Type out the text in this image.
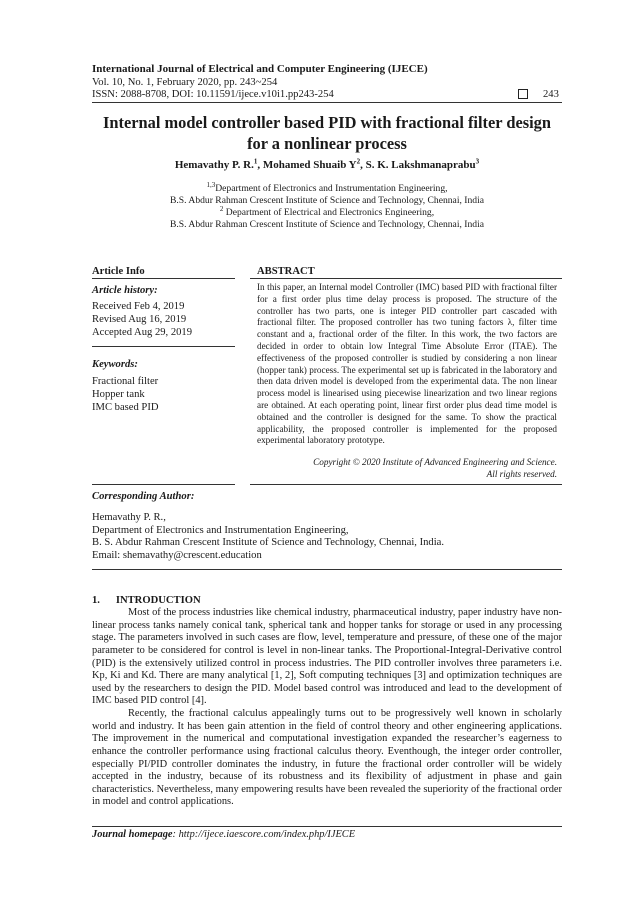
International Journal of Electrical and Computer Engineering (IJECE)
Vol. 10, No. 1, February 2020, pp. 243~254
ISSN: 2088-8708, DOI: 10.11591/ijece.v10i1.pp243-254	243
Internal model controller based PID with fractional filter design
for a nonlinear process
Hemavathy P. R.$^1$, Mohamed Shuaib $Y^2$, S. K. Lakshmanaprabu$^3$
$^{1,3}$Department of Electronics and Instrumentation Engineering,
B.S. Abdur Rahman Crescent Institute of Science and Technology, Chennai, India
$^2$ Department of Electrical and Electronics Engineering,
B.S. Abdur Rahman Crescent Institute of Science and Technology, Chennai, India
Article Info	ABSTRACT
Article history:
Received Feb 4, 2019
Revised Aug 16, 2019
Accepted Aug 29, 2019
Keywords:
Fractional filter
Hopper tank
IMC based PID

In this paper, an Internal model Controller (IMC) based PID with fractional filter for a first order plus time delay process is proposed. The structure of the controller has two parts, one is integer PID controller part cascaded with fractional filter. The proposed controller has two tuning factors λ, filter time constant and a, fractional order of the filter. In this work, the two factors are decided in order to obtain low Integral Time Absolute Error (ITAE). The effectiveness of the proposed controller is studied by considering a non linear (hopper tank) process. The experimental set up is fabricated in the laboratory and then data driven model is developed from the experimental data. The non linear process model is linearised using piecewise linearization and two linear regions are obtained. At each operating point, linear first order plus dead time model is obtained and the controller is designed for the same. To show the practical applicability, the proposed controller is implemented for the proposed experimental laboratory prototype.

Copyright © 2020 Institute of Advanced Engineering and Science.
All rights reserved.
Corresponding Author:
Hemavathy P. R.,
Department of Electronics and Instrumentation Engineering,
B. S. Abdur Rahman Crescent Institute of Science and Technology, Chennai, India.
Email: shemavathy@crescent.education
1.      INTRODUCTION

Most of the process industries like chemical industry, pharmaceutical industry, paper industry have non-linear process tanks namely conical tank, spherical tank and hopper tanks for storage or used in any processing stage. The parameters involved in such cases are flow, level, temperature and pressure, of these one of the major parameter to be considered for control is level in non-linear tanks. The Proportional-Integral-Derivative control (PID) is the extensively utilized control in process industries. The PID controller involves three parameters i.e. Kp, Ki and Kd. There are many analytical [1, 2], Soft computing techniques [3] and optimization techniques are used by the researchers to design the PID. Model based control was introduced and lead to the development of IMC based PID control [4].

Recently, the fractional calculus appealingly turns out to be progressively well known in scholarly world and industry. It has been gain attention in the field of control theory and other engineering applications. The improvement in the numerical and computational investigation expanded the researcher’s eagerness to enhance the controller performance using fractional calculus theory. Eventhough, the integer order controller, especially PI/PID controller dominates the industry, in future the fractional order controller will be widely accepted in the industry, because of its robustness and its flexibility of adjustment in phase and gain characteristics. Nevertheless, many empowering results have been revealed the superiority of the fractional order in model and control applications.

Journal homepage: http://ijece.iaescore.com/index.php/IJECE
